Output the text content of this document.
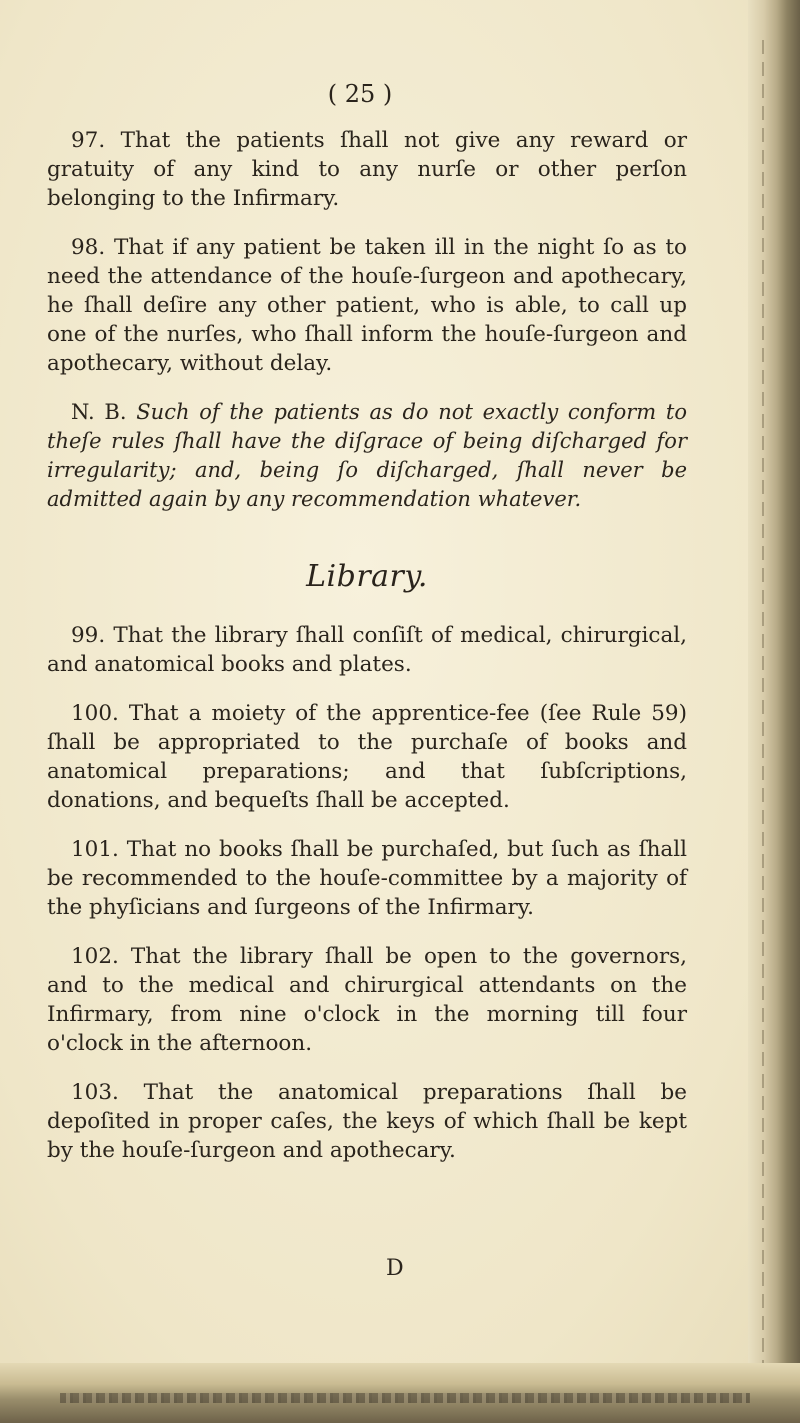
( 25 )

97. That the patients ſhall not give any reward or gratuity of any kind to any nurſe or other perſon belonging to the Infirmary.

98. That if any patient be taken ill in the night ſo as to need the attendance of the houſe-ſurgeon and apothecary, he ſhall deſire any other patient, who is able, to call up one of the nurſes, who ſhall inform the houſe-ſurgeon and apothecary, without delay.

N. B. Such of the patients as do not exactly conform to theſe rules ſhall have the diſgrace of being diſcharged for irregularity; and, being ſo diſcharged, ſhall never be admitted again by any recommendation whatever.

Library.

99. That the library ſhall conſiſt of medical, chirurgical, and anatomical books and plates.

100. That a moiety of the apprentice-fee (ſee Rule 59) ſhall be appropriated to the purchaſe of books and anatomical preparations; and that ſubſcriptions, donations, and bequeſts ſhall be accepted.

101. That no books ſhall be purchaſed, but ſuch as ſhall be recommended to the houſe-committee by a majority of the phyſicians and ſurgeons of the Infirmary.

102. That the library ſhall be open to the governors, and to the medical and chirurgical attendants on the Infirmary, from nine o'clock in the morning till four o'clock in the afternoon.

103. That the anatomical preparations ſhall be depoſited in proper caſes, the keys of which ſhall be kept by the houſe-ſurgeon and apothecary.

D
